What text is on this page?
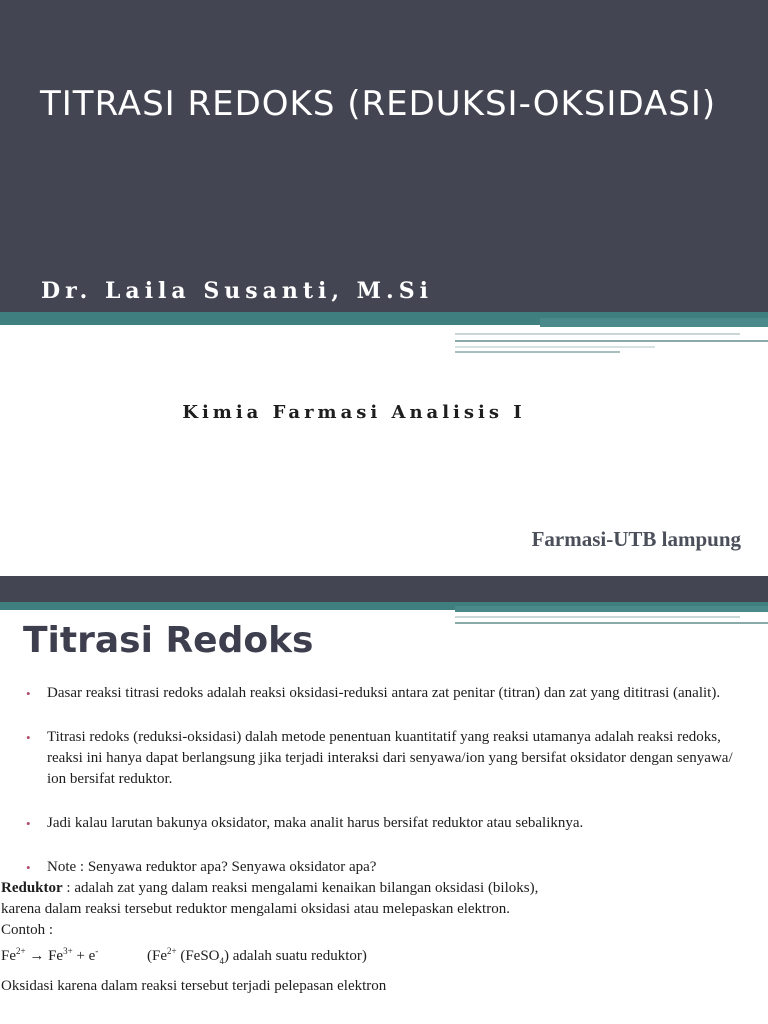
TITRASI REDOKS (REDUKSI-OKSIDASI)

Dr. Laila Susanti, M.Si

Kimia Farmasi Analisis I

Farmasi-UTB lampung

Titrasi Redoks
• Dasar reaksi titrasi redoks adalah reaksi oksidasi-reduksi antara zat penitar (titran) dan zat yang dititrasi (analit).
• Titrasi redoks (reduksi-oksidasi) dalah metode penentuan kuantitatif yang reaksi utamanya adalah reaksi redoks, reaksi ini hanya dapat berlangsung jika terjadi interaksi dari senyawa/ion yang bersifat oksidator dengan senyawa/ ion bersifat reduktor.
• Jadi kalau larutan bakunya oksidator, maka analit harus bersifat reduktor atau sebaliknya.
• Note : Senyawa reduktor apa? Senyawa oksidator apa?
Reduktor : adalah zat yang dalam reaksi mengalami kenaikan bilangan oksidasi (biloks),
karena dalam reaksi tersebut reduktor mengalami oksidasi atau melepaskan elektron.
Contoh :
$Fe^{2+} \to Fe^{3+} + e^-$	($Fe^{2+}$ (FeSO$_4$) adalah suatu reduktor)
Oksidasi karena dalam reaksi tersebut terjadi pelepasan elektron
